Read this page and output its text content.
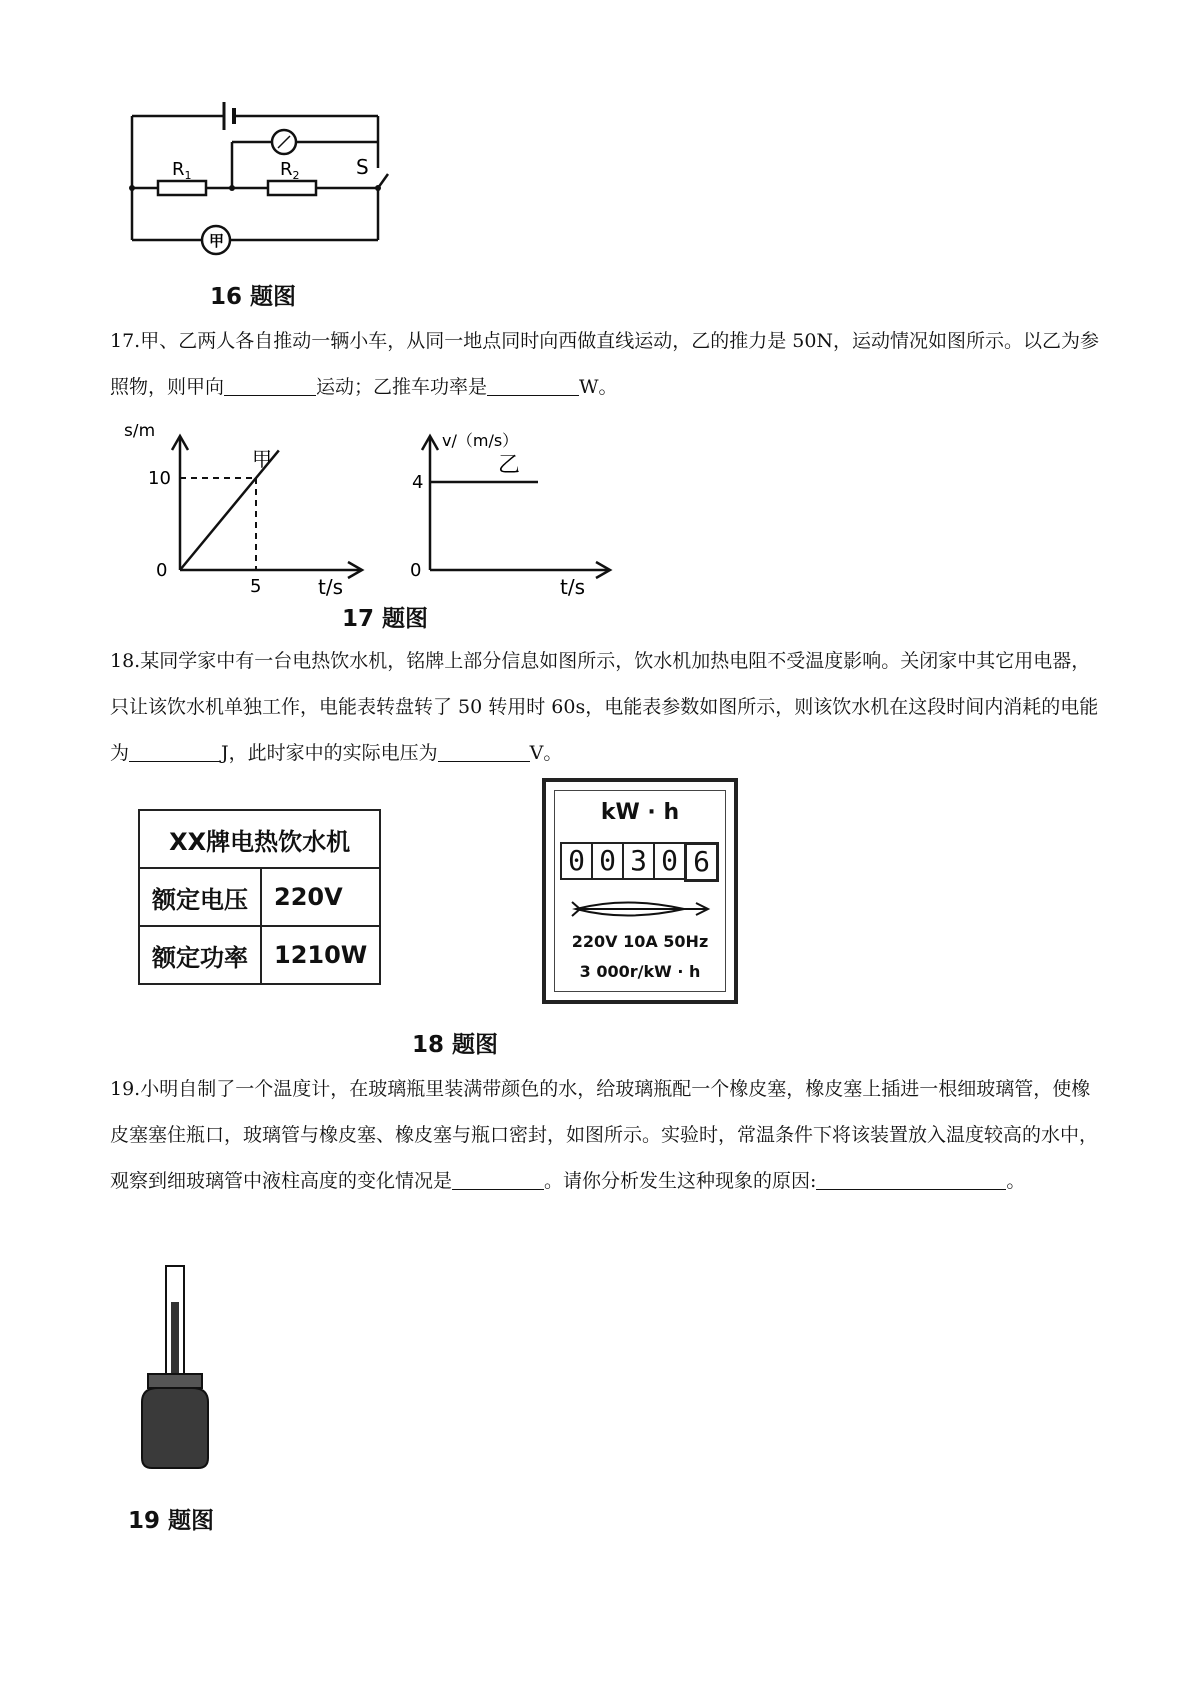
$R_1$	$R_2$	S
甲
16 题图
17.甲、乙两人各自推动一辆小车，从同一地点同时向西做直线运动，乙的推力是 50N，运动情况如图所示。以乙为参照物，则甲向	运动；乙推车功率是	W。
s/m
t/s
0
10
5
甲
v/（m/s）
t/s
0
4
乙
17 题图
18.某同学家中有一台电热饮水机，铭牌上部分信息如图所示，饮水机加热电阻不受温度影响。关闭家中其它用电器，只让该饮水机单独工作，电能表转盘转了 50 转用时 60s，电能表参数如图所示，则该饮水机在这段时间内消耗的电能为	J，此时家中的实际电压为	V。
XX牌电热饮水机	
额定电压	220V
额定功率	1210W
kW · h
0 0 3 0 6
220V 10A 50Hz
3 000r/kW · h
18 题图
19.小明自制了一个温度计，在玻璃瓶里装满带颜色的水，给玻璃瓶配一个橡皮塞，橡皮塞上插进一根细玻璃管，使橡皮塞塞住瓶口，玻璃管与橡皮塞、橡皮塞与瓶口密封，如图所示。实验时，常温条件下将该装置放入温度较高的水中，观察到细玻璃管中液柱高度的变化情况是	。请你分析发生这种现象的原因:	。
19 题图
